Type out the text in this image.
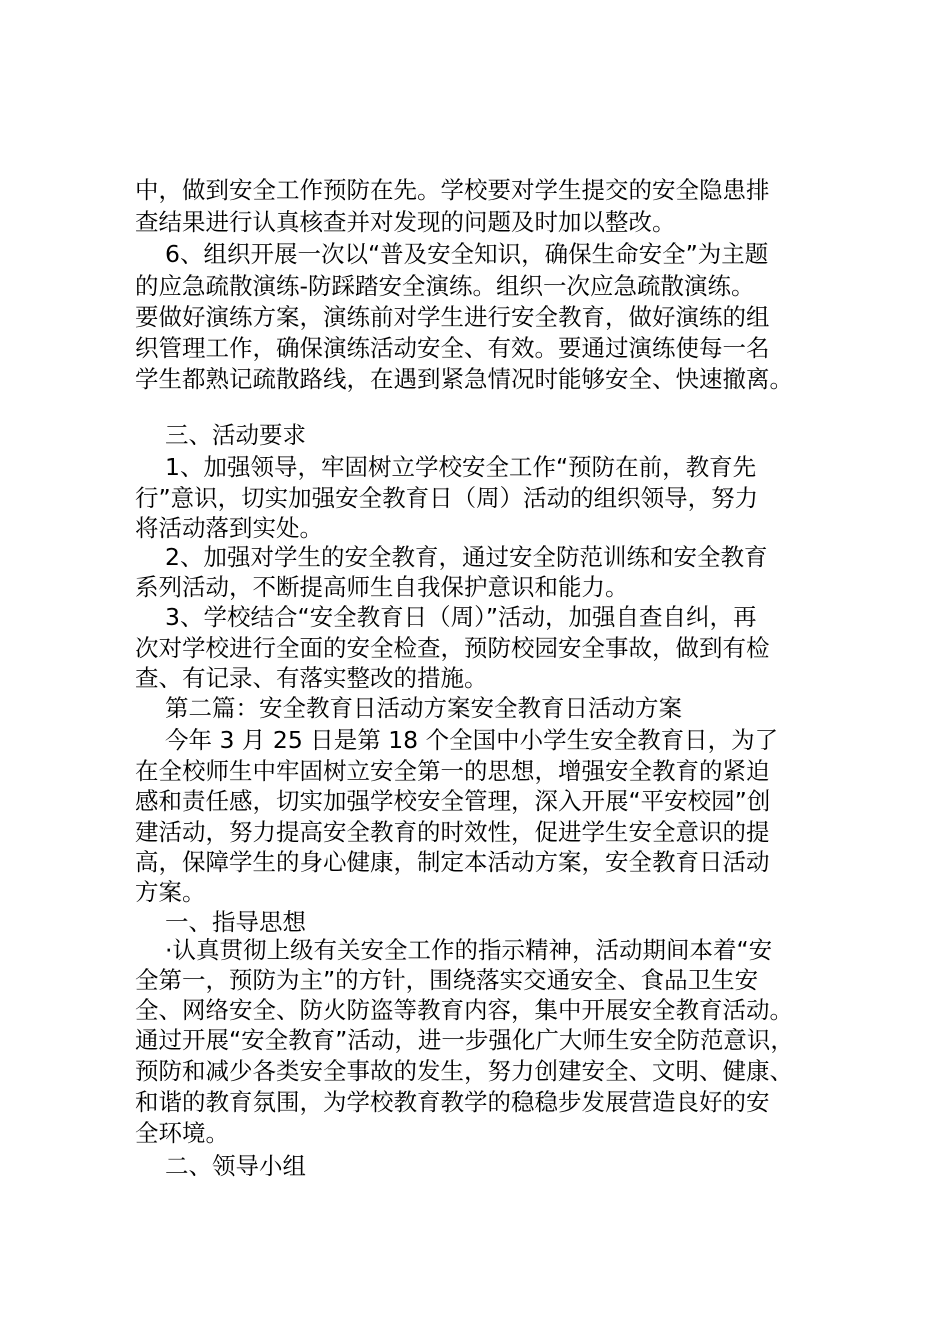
中，做到安全工作预防在先。学校要对学生提交的安全隐患排
查结果进行认真核查并对发现的问题及时加以整改。
6、组织开展一次以“普及安全知识，确保生命安全”为主题
的应急疏散演练-防踩踏安全演练。组织一次应急疏散演练。
要做好演练方案，演练前对学生进行安全教育，做好演练的组
织管理工作，确保演练活动安全、有效。要通过演练使每一名
学生都熟记疏散路线，在遇到紧急情况时能够安全、快速撤离。
三、活动要求
1、加强领导，牢固树立学校安全工作“预防在前，教育先
行”意识，切实加强安全教育日（周）活动的组织领导，努力
将活动落到实处。
2、加强对学生的安全教育，通过安全防范训练和安全教育
系列活动，不断提高师生自我保护意识和能力。
3、学校结合“安全教育日（周）”活动，加强自查自纠，再
次对学校进行全面的安全检查，预防校园安全事故，做到有检
查、有记录、有落实整改的措施。
第二篇：安全教育日活动方案安全教育日活动方案
今年 3 月 25 日是第 18 个全国中小学生安全教育日，为了
在全校师生中牢固树立安全第一的思想，增强安全教育的紧迫
感和责任感，切实加强学校安全管理，深入开展“平安校园”创
建活动，努力提高安全教育的时效性，促进学生安全意识的提
高，保障学生的身心健康，制定本活动方案，安全教育日活动
方案。
一、指导思想
·认真贯彻上级有关安全工作的指示精神，活动期间本着“安
全第一，预防为主”的方针，围绕落实交通安全、食品卫生安
全、网络安全、防火防盗等教育内容，集中开展安全教育活动。
通过开展“安全教育”活动，进一步强化广大师生安全防范意识，
预防和减少各类安全事故的发生，努力创建安全、文明、健康、
和谐的教育氛围，为学校教育教学的稳稳步发展营造良好的安
全环境。
二、领导小组
